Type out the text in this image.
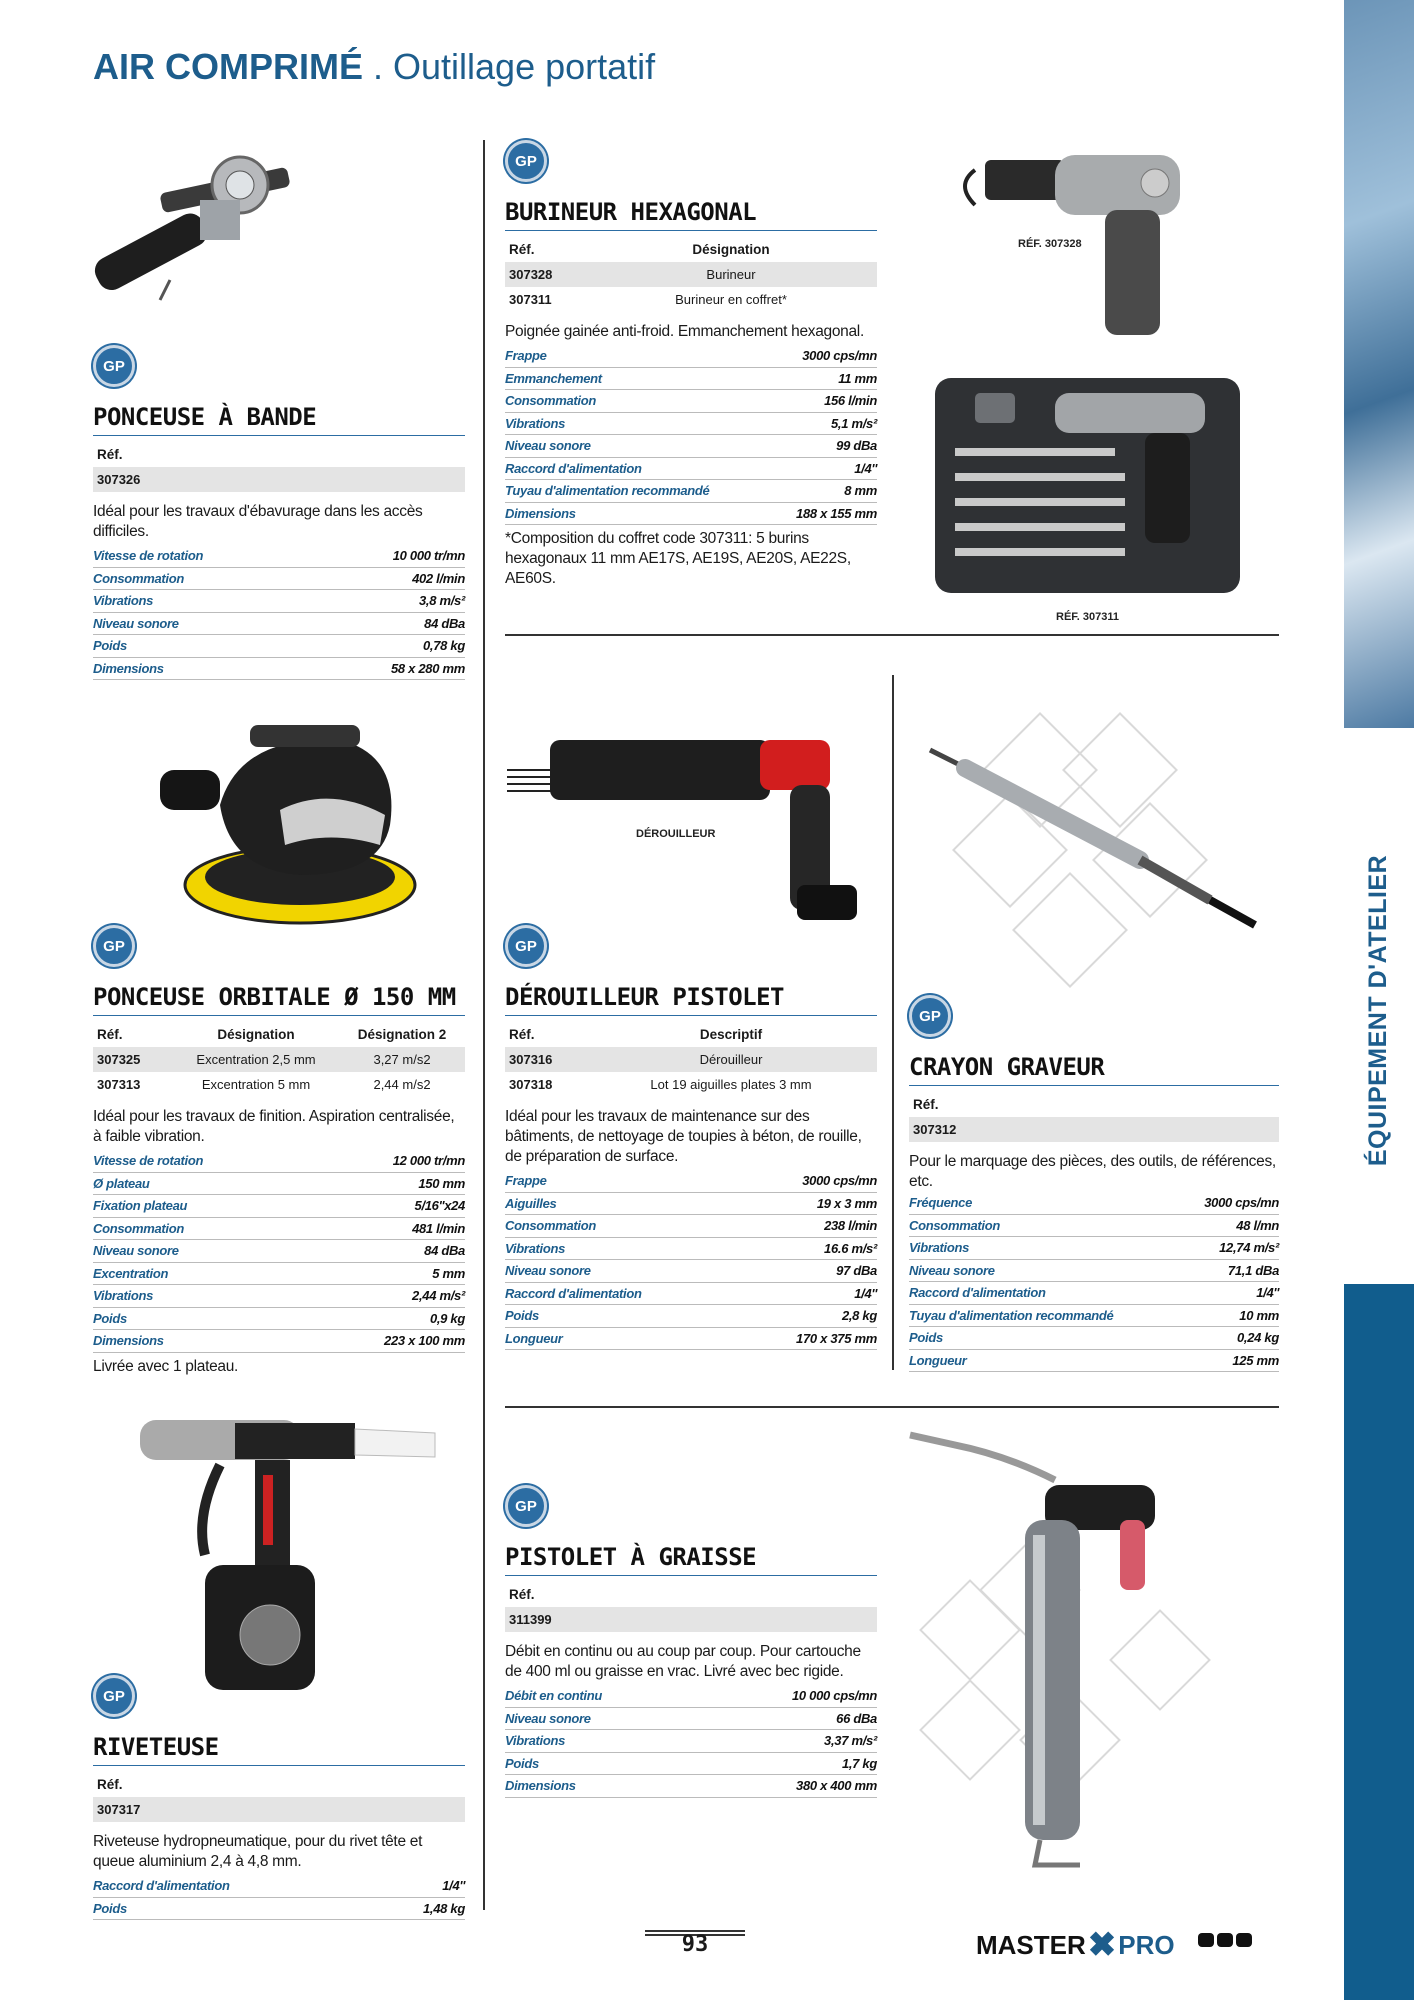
AIR COMPRIMÉ . Outillage portatif
ÉQUIPEMENT D'ATELIER
GP
PONCEUSE À BANDE
Réf.
307326
Idéal pour les travaux d'ébavurage dans les accès difficiles.
Vitesse de rotation	10 000 tr/mn
Consommation	402 l/min
Vibrations	3,8 m/s²
Niveau sonore	84 dBa
Poids	0,78 kg
Dimensions	58 x 280 mm
GP
PONCEUSE ORBITALE Ø 150 MM
Réf.	Désignation	Désignation 2
307325	Excentration 2,5 mm	3,27 m/s2
307313	Excentration 5 mm	2,44 m/s2
Idéal pour les travaux de finition. Aspiration centralisée, à faible vibration.
Vitesse de rotation	12 000 tr/mn
Ø plateau	150 mm
Fixation plateau	5/16''x24
Consommation	481 l/min
Niveau sonore	84 dBa
Excentration	5 mm
Vibrations	2,44 m/s²
Poids	0,9 kg
Dimensions	223 x 100 mm
Livrée avec 1 plateau.
GP
RIVETEUSE
Réf.
307317
Riveteuse hydropneumatique, pour du rivet tête et queue aluminium 2,4 à 4,8 mm.
Raccord d'alimentation	1/4''
Poids	1,48 kg
GP
BURINEUR HEXAGONAL
Réf.	Désignation
307328	Burineur
307311	Burineur en coffret*
Poignée gainée anti-froid. Emmanchement hexagonal.
Frappe	3000 cps/mn
Emmanchement	11 mm
Consommation	156 l/min
Vibrations	5,1 m/s²
Niveau sonore	99 dBa
Raccord d'alimentation	1/4''
Tuyau d'alimentation recommandé	8 mm
Dimensions	188 x 155 mm
*Composition du coffret code 307311: 5 burins hexagonaux 11 mm AE17S, AE19S, AE20S, AE22S, AE60S.
RÉF. 307328
RÉF. 307311
DÉROUILLEUR
GP
DÉROUILLEUR PISTOLET
Réf.	Descriptif
307316	Dérouilleur
307318	Lot 19 aiguilles plates 3 mm
Idéal pour les travaux de maintenance sur des bâtiments, de nettoyage de toupies à béton, de rouille, de préparation de surface.
Frappe	3000 cps/mn
Aiguilles	19 x 3 mm
Consommation	238 l/min
Vibrations	16.6 m/s²
Niveau sonore	97 dBa
Raccord d'alimentation	1/4''
Poids	2,8 kg
Longueur	170 x 375 mm
GP
CRAYON GRAVEUR
Réf.
307312
Pour le marquage des pièces, des outils, de références, etc.
Fréquence	3000 cps/mn
Consommation	48 l/mn
Vibrations	12,74 m/s²
Niveau sonore	71,1 dBa
Raccord d'alimentation	1/4''
Tuyau d'alimentation recommandé	10 mm
Poids	0,24 kg
Longueur	125 mm
GP
PISTOLET À GRAISSE
Réf.
311399
Débit en continu ou au coup par coup. Pour cartouche de 400 ml ou graisse en vrac. Livré avec bec rigide.
Débit en continu	10 000 cps/mn
Niveau sonore	66 dBa
Vibrations	3,37 m/s²
Poids	1,7 kg
Dimensions	380 x 400 mm
93	MASTER ✖ PRO
